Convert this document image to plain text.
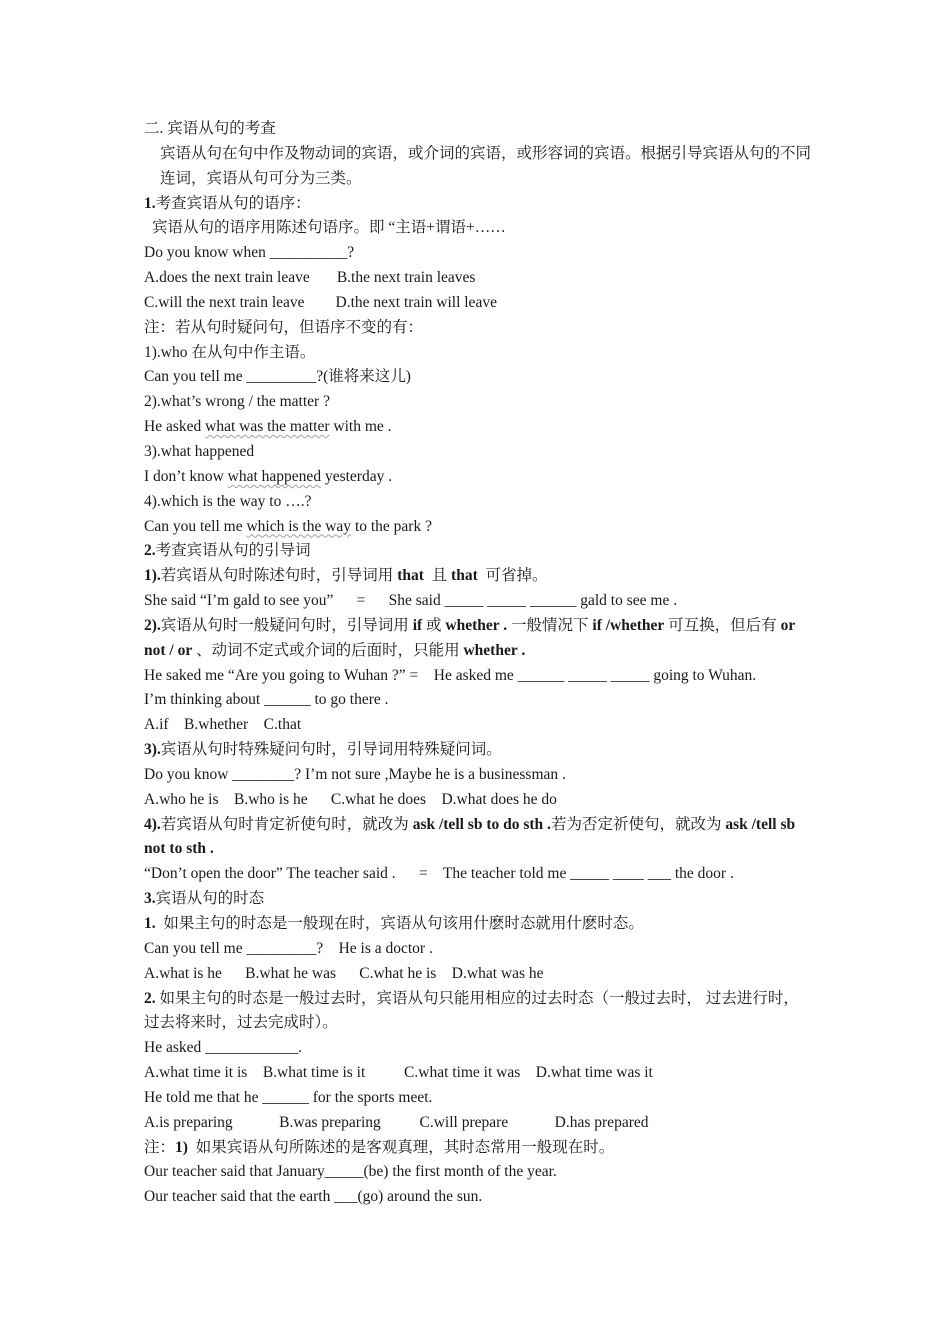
二. 宾语从句的考查
宾语从句在句中作及物动词的宾语，或介词的宾语，或形容词的宾语。根据引导宾语从句的不同连词，宾语从句可分为三类。
1.考查宾语从句的语序：
宾语从句的语序用陈述句语序。即 “主语+谓语+……
Do you know when __________?
A.does the next train leave       B.the next train leaves
C.will the next train leave        D.the next train will leave
注：若从句时疑问句，但语序不变的有：
1).who 在从句中作主语。
Can you tell me _________?(谁将来这儿)
2).what’s wrong / the matter ?
He asked what was the matter with me .
3).what happened
I don’t know what happened yesterday .
4).which is the way to ….?
Can you tell me which is the way to the park ?
2.考查宾语从句的引导词
1).若宾语从句时陈述句时，引导词用 that  且 that  可省掉。
She said “I’m gald to see you”      =      She said _____ _____ ______ gald to see me .
2).宾语从句时一般疑问句时，引导词用 if 或 whether . 一般情况下 if /whether 可互换，但后有 or not / or 、动词不定式或介词的后面时，只能用 whether .
He saked me “Are you going to Wuhan ?” =    He asked me ______ _____ _____ going to Wuhan.
I’m thinking about ______ to go there .
A.if    B.whether    C.that
3).宾语从句时特殊疑问句时，引导词用特殊疑问词。
Do you know ________? I’m not sure ,Maybe he is a businessman .
A.who he is    B.who is he      C.what he does    D.what does he do
4).若宾语从句时肯定祈使句时，就改为 ask /tell sb to do sth .若为否定祈使句，就改为 ask /tell sb not to sth .
“Don’t open the door” The teacher said .      =    The teacher told me _____ ____ ___ the door .
3.宾语从句的时态
1.  如果主句的时态是一般现在时，宾语从句该用什麽时态就用什麽时态。
Can you tell me _________?    He is a doctor .
A.what is he      B.what he was      C.what he is    D.what was he
2. 如果主句的时态是一般过去时，宾语从句只能用相应的过去时态（一般过去时， 过去进行时， 过去将来时，过去完成时）。
He asked ____________.
A.what time it is    B.what time is it          C.what time it was    D.what time was it
He told me that he ______ for the sports meet.
A.is preparing            B.was preparing          C.will prepare            D.has prepared
注：1)  如果宾语从句所陈述的是客观真理，其时态常用一般现在时。
Our teacher said that January_____(be) the first month of the year.
Our teacher said that the earth ___(go) around the sun.
